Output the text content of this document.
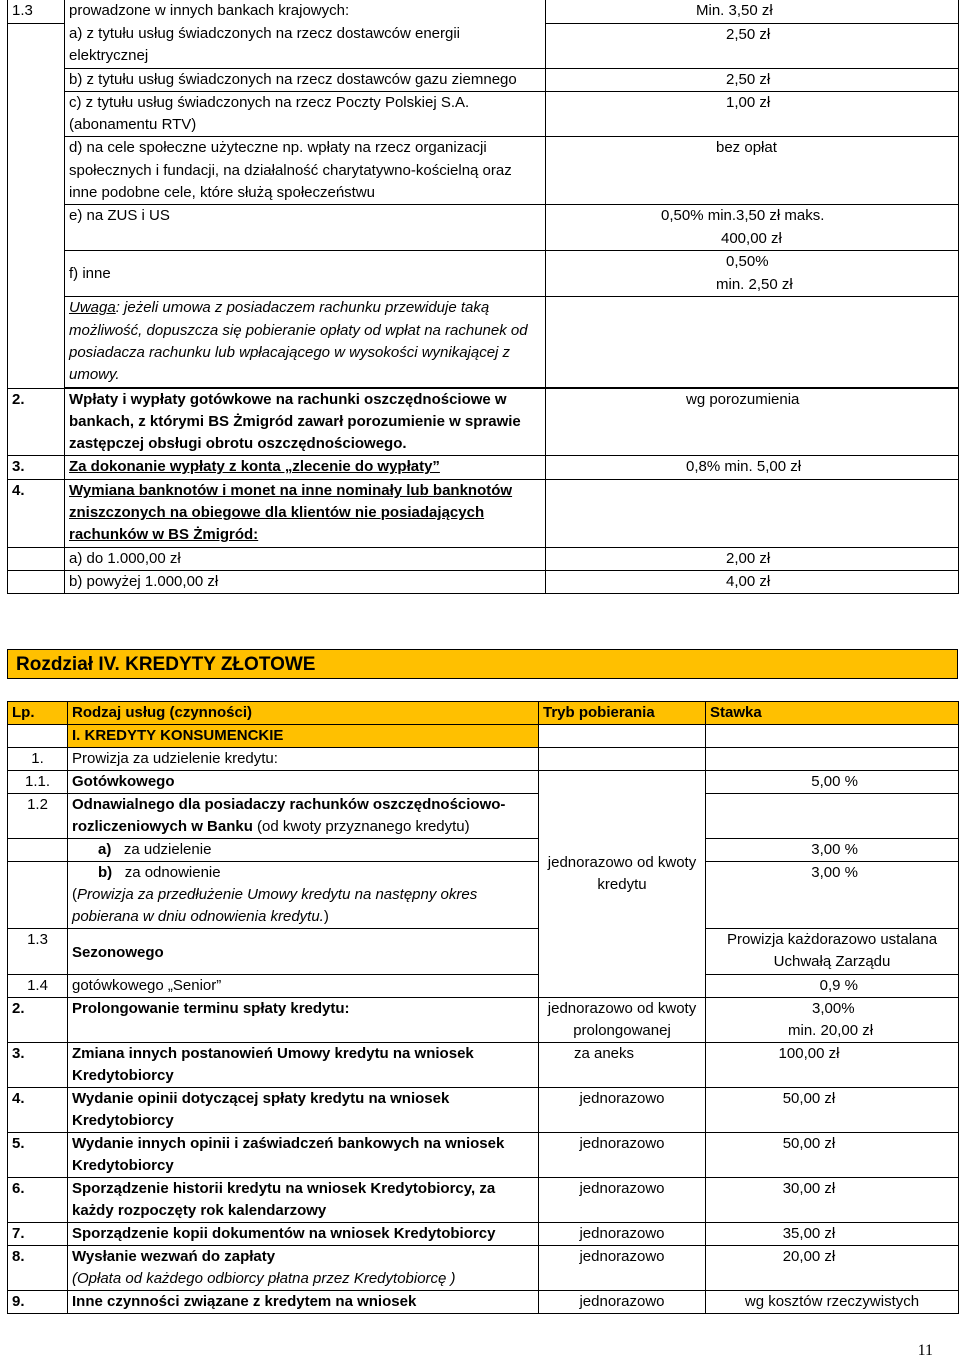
1.3	prowadzone w innych bankach krajowych:	Min. 3,50 zł
	a) z tytułu usług świadczonych na rzecz dostawców energii elektrycznej	2,50 zł
	b) z tytułu usług świadczonych na rzecz dostawców gazu ziemnego	2,50 zł
	c) z tytułu usług świadczonych na rzecz Poczty Polskiej S.A. (abonamentu RTV)	1,00 zł
	d) na cele społeczne użyteczne np. wpłaty na rzecz organizacji społecznych i fundacji, na działalność charytatywno-kościelną oraz inne podobne cele, które służą społeczeństwu	bez opłat
	e) na ZUS i US	0,50% min.3,50 zł maks.
400,00 zł

	f) inne	0,50%
min. 2,50 zł

	Uwaga: jeżeli umowa z posiadaczem rachunku przewiduje taką możliwość, dopuszcza się pobieranie opłaty od wpłat na rachunek od posiadacza rachunku lub wpłacającego w wysokości wynikającej z umowy.	

2.	Wpłaty i wypłaty gotówkowe na rachunki oszczędnościowe w bankach, z którymi BS Żmigród zawarł porozumienie w sprawie zastępczej obsługi obrotu oszczędnościowego.	wg porozumienia
3.	Za dokonanie wypłaty z konta „zlecenie do wypłaty”	0,8% min. 5,00 zł
4.	Wymiana banknotów i monet na inne nominały lub banknotów zniszczonych na obiegowe dla klientów nie posiadających rachunków w BS Żmigród:	
	a) do 1.000,00 zł	2,00 zł
	b) powyżej 1.000,00 zł	4,00 zł
Rozdział IV. KREDYTY ZŁOTOWE
Lp.	Rodzaj usług (czynności)	Tryb pobierania	Stawka
	I. KREDYTY KONSUMENCKIE		
1.	Prowizja za udzielenie kredytu:		
1.1.	Gotówkowego	jednorazowo od kwoty kredytu	5,00 %
1.2	Odnawialnego dla posiadaczy rachunków oszczędnościowo-rozliczeniowych w Banku (od kwoty przyznanego kredytu)		
	a) za udzielenie		3,00 %

	b) za odnowienie
(Prowizja za przedłużenie Umowy kredytu na następny okres pobierana w dniu odnowienia kredytu.)		3,00 %
1.3	Sezonowego		Prowizja każdorazowo ustalana Uchwałą Zarządu
1.4	gotówkowego „Senior”		0,9 %
2.	Prolongowanie terminu spłaty kredytu:	jednorazowo od kwoty prolongowanej	3,00%
min. 20,00 zł

3.	Zmiana innych postanowień Umowy kredytu na wniosek Kredytobiorcy	za aneks	100,00 zł
4.	Wydanie opinii dotyczącej spłaty kredytu na wniosek Kredytobiorcy	jednorazowo	50,00 zł
5.	Wydanie innych opinii i zaświadczeń bankowych na wniosek Kredytobiorcy	jednorazowo	50,00 zł
6.	Sporządzenie historii kredytu na wniosek Kredytobiorcy, za każdy rozpoczęty rok kalendarzowy	jednorazowo	30,00 zł
7.	Sporządzenie kopii dokumentów na wniosek Kredytobiorcy	jednorazowo	35,00 zł
8.	Wysłanie wezwań do zapłaty
(Opłata od każdego odbiorcy płatna przez Kredytobiorcę )	jednorazowo	20,00 zł
9.	Inne czynności związane z kredytem na wniosek	jednorazowo	wg kosztów rzeczywistych
11
